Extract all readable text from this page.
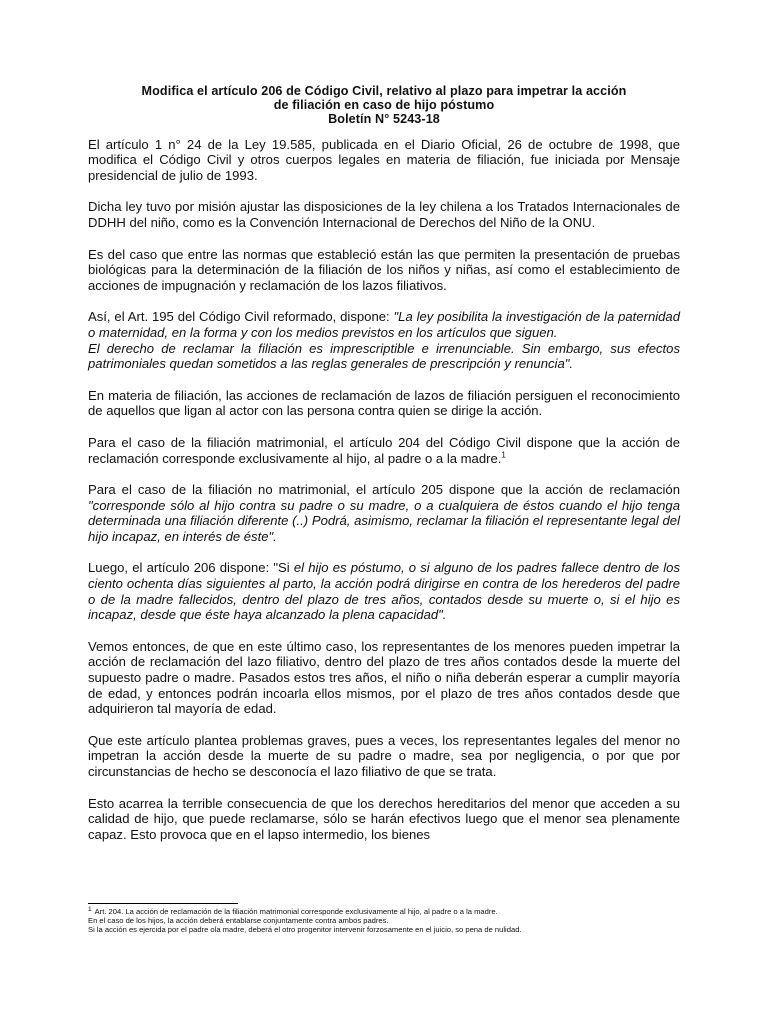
Modifica el artículo 206 de Código Civil, relativo al plazo para impetrar la acción
de filiación en caso de hijo póstumo
Boletín N° 5243-18

El artículo 1 n° 24 de la Ley 19.585, publicada en el Diario Oficial, 26 de octubre de 1998, que modifica el Código Civil y otros cuerpos legales en materia de filiación, fue iniciada por Mensaje presidencial de julio de 1993.

Dicha ley tuvo por misión ajustar las disposiciones de la ley chilena a los Tratados Internacionales de DDHH del niño, como es la Convención Internacional de Derechos del Niño de la ONU.

Es del caso que entre las normas que estableció están las que permiten la presentación de pruebas biológicas para la determinación de la filiación de los niños y niñas, así como el establecimiento de acciones de impugnación y reclamación de los lazos filiativos.

Así, el Art. 195 del Código Civil reformado, dispone: "La ley posibilita la investigación de la paternidad o maternidad, en la forma y con los medios previstos en los artículos que siguen.
El derecho de reclamar la filiación es imprescriptible e irrenunciable. Sin embargo, sus efectos patrimoniales quedan sometidos a las reglas generales de prescripción y renuncia".

En materia de filiación, las acciones de reclamación de lazos de filiación persiguen el reconocimiento de aquellos que ligan al actor con las persona contra quien se dirige la acción.

Para el caso de la filiación matrimonial, el artículo 204 del Código Civil dispone que la acción de reclamación corresponde exclusivamente al hijo, al padre o a la madre.$^1$

Para el caso de la filiación no matrimonial, el artículo 205 dispone que la acción de reclamación "corresponde sólo al hijo contra su padre o su madre, o a cualquiera de éstos cuando el hijo tenga determinada una filiación diferente (..) Podrá, asimismo, reclamar la filiación el representante legal del hijo incapaz, en interés de éste".

Luego, el artículo 206 dispone: "Si el hijo es póstumo, o si alguno de los padres fallece dentro de los ciento ochenta días siguientes al parto, la acción podrá dirigirse en contra de los herederos del padre o de la madre fallecidos, dentro del plazo de tres años, contados desde su muerte o, si el hijo es incapaz, desde que éste haya alcanzado la plena capacidad".

Vemos entonces, de que en este último caso, los representantes de los menores pueden impetrar la acción de reclamación del lazo filiativo, dentro del plazo de tres años contados desde la muerte del supuesto padre o madre. Pasados estos tres años, el niño o niña deberán esperar a cumplir mayoría de edad, y entonces podrán incoarla ellos mismos, por el plazo de tres años contados desde que adquirieron tal mayoría de edad.

Que este artículo plantea problemas graves, pues a veces, los representantes legales del menor no impetran la acción desde la muerte de su padre o madre, sea por negligencia, o por que por circunstancias de hecho se desconocía el lazo filiativo de que se trata.

Esto acarrea la terrible consecuencia de que los derechos hereditarios del menor que acceden a su calidad de hijo, que puede reclamarse, sólo se harán efectivos luego que el menor sea plenamente capaz. Esto provoca que en el lapso intermedio, los bienes

$^1$ Art. 204. La acción de reclamación de la filiación matrimonial corresponde exclusivamente al hijo, al padre o a la madre.
En el caso de los hijos, la acción deberá entablarse conjuntamente contra ambos padres.
Si la acción es ejercida por el padre ola madre, deberá el otro progenitor intervenir forzosamente en el juicio, so pena de nulidad.
